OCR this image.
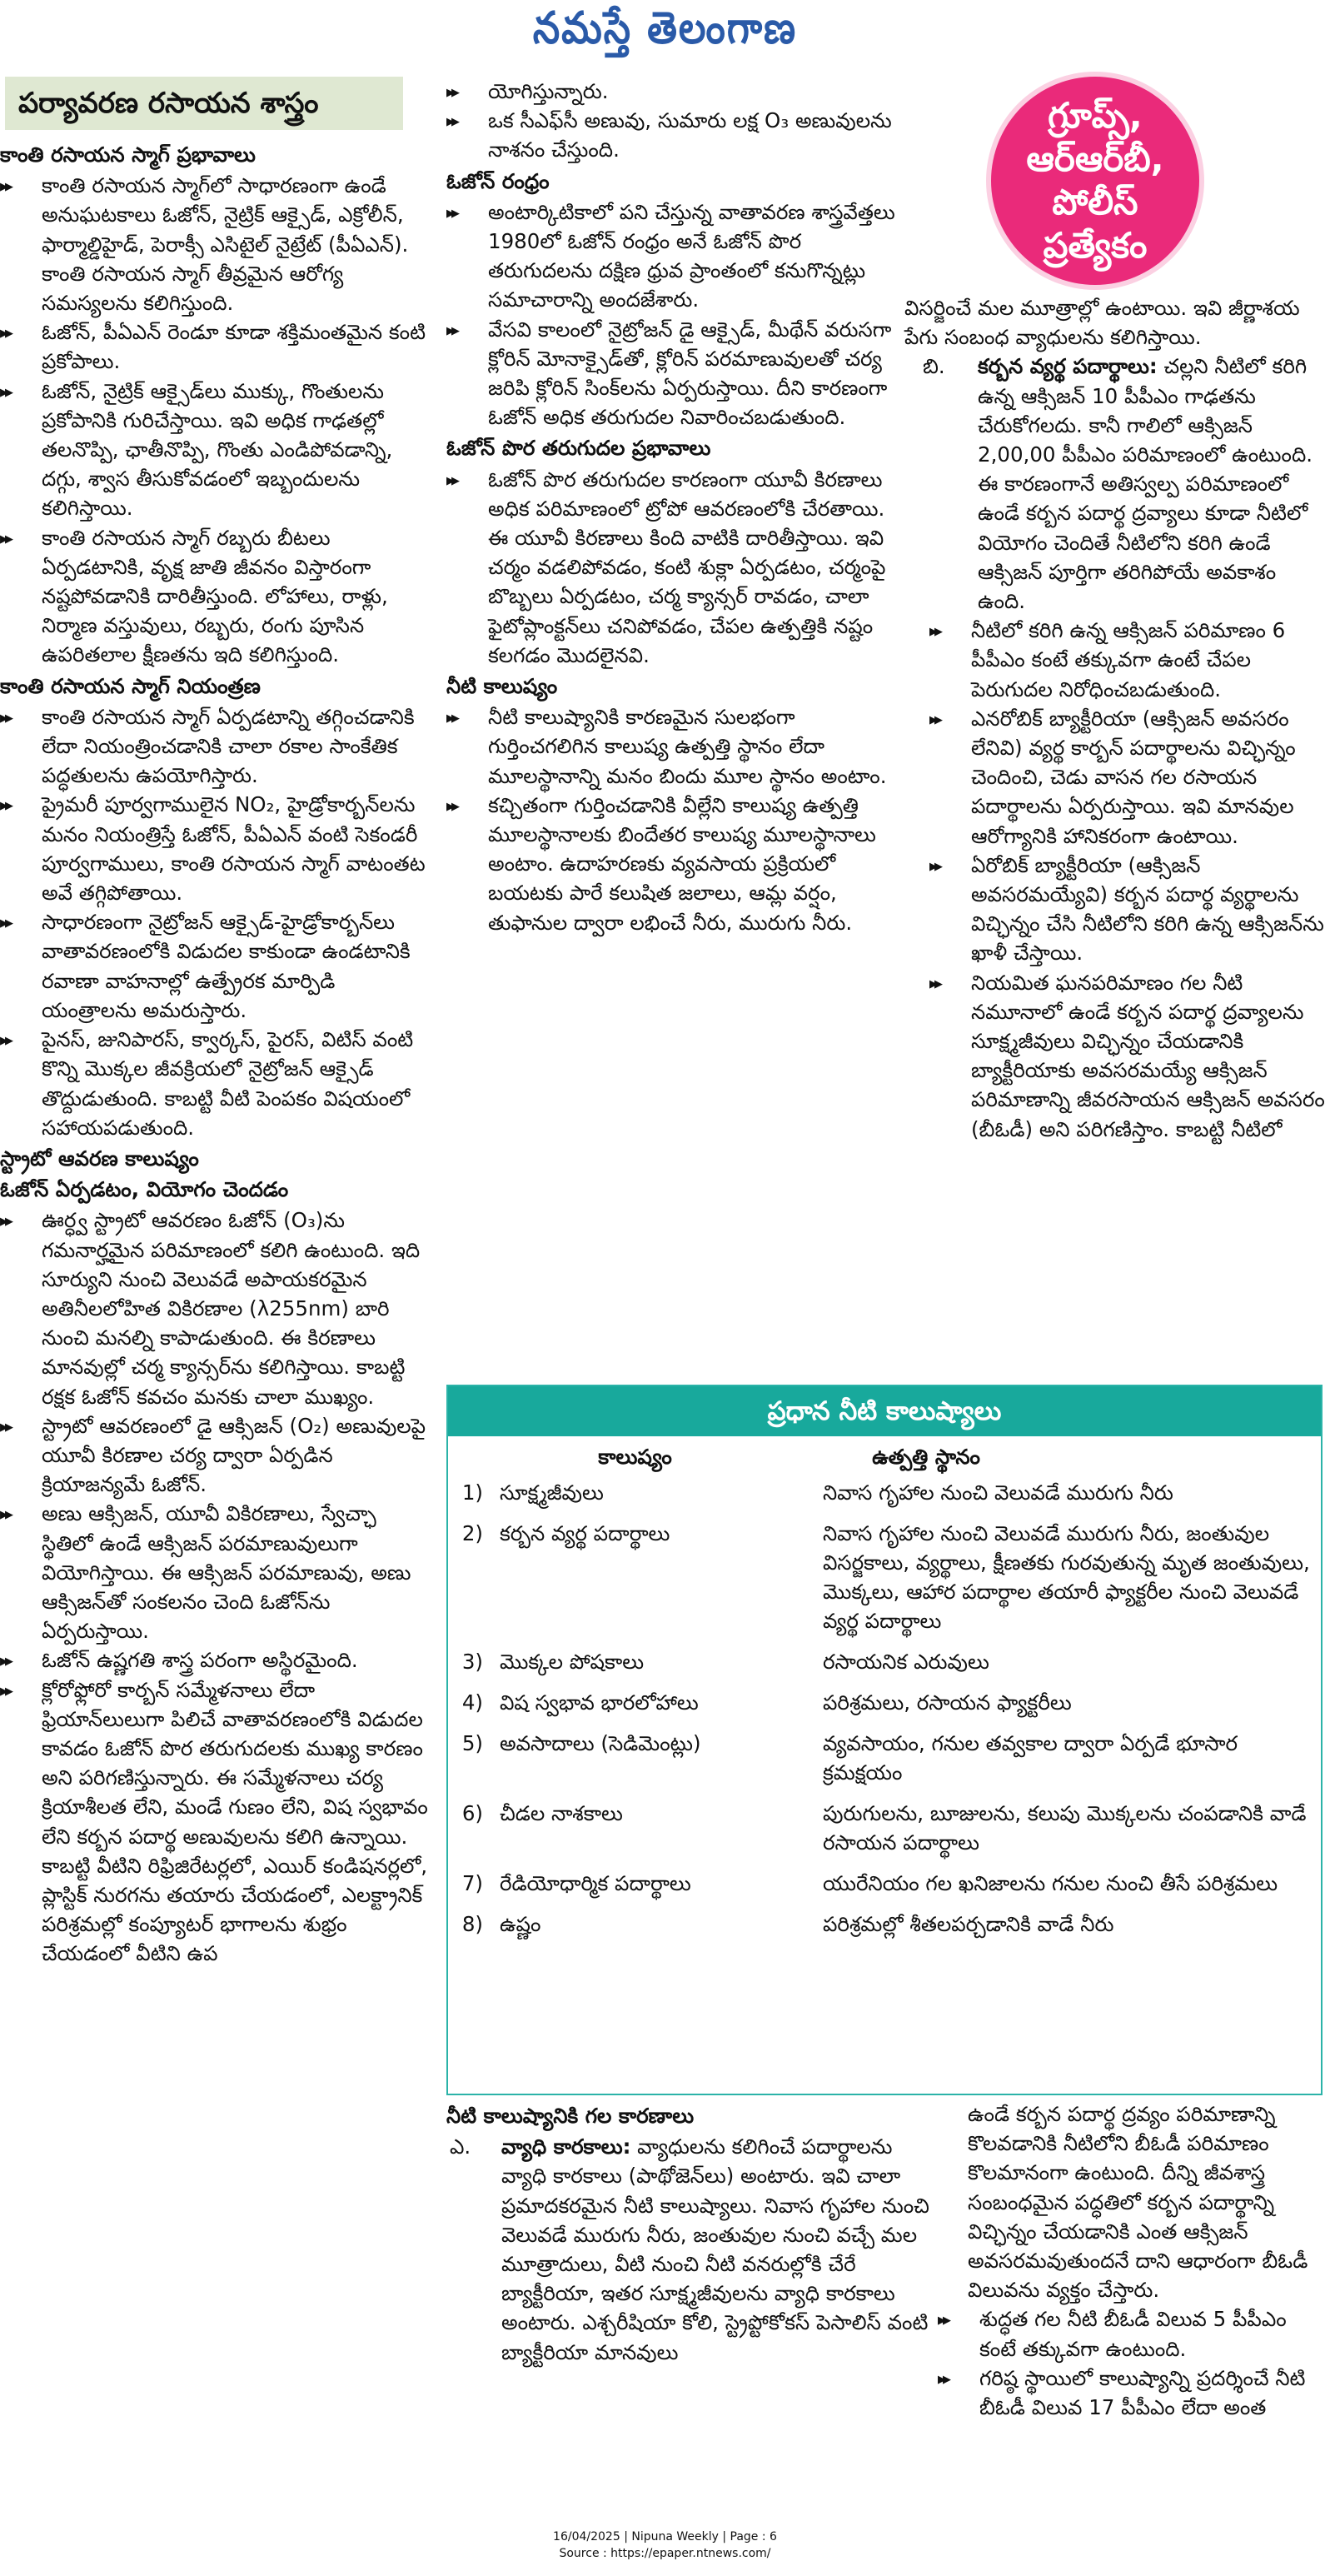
నమస్తే తెలంగాణ
గ్రూప్స్, ఆర్ఆర్‌బీ, పోలీస్ ప్రత్యేకం
పర్యావరణ రసాయన శాస్త్రం

కాంతి రసాయన స్మాగ్ ప్రభావాలు

▶▶ కాంతి రసాయన స్మాగ్‌లో సాధారణంగా ఉండే అనుఘటకాలు ఓజోన్, నైట్రిక్ ఆక్సైడ్, ఎక్రోలీన్, ఫార్మాల్డిహైడ్, పెరాక్సీ ఎసిటైల్ నైట్రేట్ (పీఏఎన్). కాంతి రసాయన స్మాగ్ తీవ్రమైన ఆరోగ్య సమస్యలను కలిగిస్తుంది.

▶▶ ఓజోన్, పీఏఎన్ రెండూ కూడా శక్తిమంతమైన కంటి ప్రకోపాలు.

▶▶ ఓజోన్, నైట్రిక్ ఆక్సైడ్‌లు ముక్కు, గొంతులను ప్రకోపానికి గురిచేస్తాయి. ఇవి అధిక గాఢతల్లో తలనొప్పి, ఛాతీనొప్పి, గొంతు ఎండిపోవడాన్ని, దగ్గు, శ్వాస తీసుకోవడంలో ఇబ్బందులను కలిగిస్తాయి.

▶▶ కాంతి రసాయన స్మాగ్ రబ్బరు బీటలు ఏర్పడటానికి, వృక్ష జాతి జీవనం విస్తారంగా నష్టపోవడానికి దారితీస్తుంది. లోహాలు, రాళ్లు, నిర్మాణ వస్తువులు, రబ్బరు, రంగు పూసిన ఉపరితలాల క్షీణతను ఇది కలిగిస్తుంది.

కాంతి రసాయన స్మాగ్ నియంత్రణ

▶▶ కాంతి రసాయన స్మాగ్ ఏర్పడటాన్ని తగ్గించడానికి లేదా నియంత్రించడానికి చాలా రకాల సాంకేతిక పద్ధతులను ఉపయోగిస్తారు.

▶▶ ప్రైమరీ పూర్వగాములైన NO₂, హైడ్రోకార్బన్‌లను మనం నియంత్రిస్తే ఓజోన్, పీఏఎన్ వంటి సెకండరీ పూర్వగాములు, కాంతి రసాయన స్మాగ్ వాటంతట అవే తగ్గిపోతాయి.

▶▶ సాధారణంగా నైట్రోజన్ ఆక్సైడ్-హైడ్రోకార్బన్‌లు వాతావరణంలోకి విడుదల కాకుండా ఉండటానికి రవాణా వాహనాల్లో ఉత్ప్రేరక మార్పిడి యంత్రాలను అమరుస్తారు.

▶▶ పైనస్, జునిపారస్, క్వార్కస్, పైరస్, విటిస్ వంటి కొన్ని మొక్కల జీవక్రియలో నైట్రోజన్ ఆక్సైడ్ తొద్దుడుతుంది. కాబట్టి వీటి పెంపకం విషయంలో సహాయపడుతుంది.

స్ట్రాటో ఆవరణ కాలుష్యం

ఓజోన్ ఏర్పడటం, వియోగం చెందడం

▶▶ ఊర్ధ్వ స్ట్రాటో ఆవరణం ఓజోన్ (O₃)ను గమనార్హమైన పరిమాణంలో కలిగి ఉంటుంది. ఇది సూర్యుని నుంచి వెలువడే అపాయకరమైన అతినీలలోహిత వికిరణాల (λ255nm) బారి నుంచి మనల్ని కాపాడుతుంది. ఈ కిరణాలు మానవుల్లో చర్మ క్యాన్సర్‌ను కలిగిస్తాయి. కాబట్టి రక్షక ఓజోన్ కవచం మనకు చాలా ముఖ్యం.

▶▶ స్ట్రాటో ఆవరణంలో డై ఆక్సిజన్ (O₂) అణువులపై యూవీ కిరణాల చర్య ద్వారా ఏర్పడిన క్రియాజన్యమే ఓజోన్.

▶▶ అణు ఆక్సిజన్, యూవీ వికిరణాలు, స్వేచ్ఛా స్థితిలో ఉండే ఆక్సిజన్ పరమాణువులుగా వియోగిస్తాయి. ఈ ఆక్సిజన్ పరమాణువు, అణు ఆక్సిజన్‌తో సంకలనం చెంది ఓజోన్‌ను ఏర్పరుస్తాయి.

▶▶ ఓజోన్ ఉష్ణగతి శాస్త్ర పరంగా అస్థిరమైంది.

▶▶ క్లోరోఫ్లోరో కార్బన్ సమ్మేళనాలు లేదా ఫ్రియాన్‌లులుగా పిలిచే వాతావరణంలోకి విడుదల కావడం ఓజోన్ పొర తరుగుదలకు ముఖ్య కారణం అని పరిగణిస్తున్నారు. ఈ సమ్మేళనాలు చర్య క్రియాశీలత లేని, మండే గుణం లేని, విష స్వభావం లేని కర్బన పదార్థ అణువులను కలిగి ఉన్నాయి. కాబట్టి వీటిని రిఫ్రిజిరేటర్లలో, ఎయిర్ కండిషనర్లలో, ప్లాస్టిక్ నురగను తయారు చేయడంలో, ఎలక్ట్రానిక్ పరిశ్రమల్లో కంప్యూటర్ భాగాలను శుభ్రం చేయడంలో వీటిని ఉప

▶▶ యోగిస్తున్నారు.

▶▶ ఒక సీఎఫ్‌సీ అణువు, సుమారు లక్ష O₃ అణువులను నాశనం చేస్తుంది.

ఓజోన్ రంధ్రం

▶▶ అంటార్కిటికాలో పని చేస్తున్న వాతావరణ శాస్త్రవేత్తలు 1980లో ఓజోన్ రంధ్రం అనే ఓజోన్ పొర తరుగుదలను దక్షిణ ధ్రువ ప్రాంతంలో కనుగొన్నట్లు సమాచారాన్ని అందజేశారు.

▶▶ వేసవి కాలంలో నైట్రోజన్ డై ఆక్సైడ్, మీథేన్ వరుసగా క్లోరిన్ మోనాక్సైడ్‌తో, క్లోరిన్ పరమాణువులతో చర్య జరిపి క్లోరిన్ సింక్‌లను ఏర్పరుస్తాయి. దీని కారణంగా ఓజోన్ అధిక తరుగుదల నివారించబడుతుంది.

ఓజోన్ పొర తరుగుదల ప్రభావాలు

▶▶ ఓజోన్ పొర తరుగుదల కారణంగా యూవీ కిరణాలు అధిక పరిమాణంలో ట్రోపో ఆవరణంలోకి చేరతాయి. ఈ యూవీ కిరణాలు కింది వాటికి దారితీస్తాయి. ఇవి చర్మం వడలిపోవడం, కంటి శుక్లా ఏర్పడటం, చర్మంపై బొబ్బలు ఏర్పడటం, చర్మ క్యాన్సర్ రావడం, చాలా ఫైటోప్లాంక్టన్‌లు చనిపోవడం, చేపల ఉత్పత్తికి నష్టం కలగడం మొదలైనవి.

నీటి కాలుష్యం

▶▶ నీటి కాలుష్యానికి కారణమైన సులభంగా గుర్తించగలిగిన కాలుష్య ఉత్పత్తి స్థానం లేదా మూలస్థానాన్ని మనం బిందు మూల స్థానం అంటాం.

▶▶ కచ్చితంగా గుర్తించడానికి వీల్లేని కాలుష్య ఉత్పత్తి మూలస్థానాలకు బిందేతర కాలుష్య మూలస్థానాలు అంటాం. ఉదాహరణకు వ్యవసాయ ప్రక్రియలో బయటకు పారే కలుషిత జలాలు, ఆమ్ల వర్షం, తుఫానుల ద్వారా లభించే నీరు, మురుగు నీరు.

విసర్జించే మల మూత్రాల్లో ఉంటాయి. ఇవి జీర్ణాశయ పేగు సంబంధ వ్యాధులను కలిగిస్తాయి.

బి. కర్బన వ్యర్థ పదార్థాలు: చల్లని నీటిలో కరిగి ఉన్న ఆక్సిజన్ 10 పీపీఎం గాఢతను చేరుకోగలదు. కానీ గాలిలో ఆక్సిజన్ 2,00,00 పీపీఎం పరిమాణంలో ఉంటుంది. ఈ కారణంగానే అతిస్వల్ప పరిమాణంలో ఉండే కర్బన పదార్థ ద్రవ్యాలు కూడా నీటిలో వియోగం చెందితే నీటిలోని కరిగి ఉండే ఆక్సిజన్ పూర్తిగా తరిగిపోయే అవకాశం ఉంది.

▶▶ నీటిలో కరిగి ఉన్న ఆక్సిజన్ పరిమాణం 6 పీపీఎం కంటే తక్కువగా ఉంటే చేపల పెరుగుదల నిరోధించబడుతుంది.

▶▶ ఎనరోబిక్ బ్యాక్టీరియా (ఆక్సిజన్ అవసరం లేనివి) వ్యర్థ కార్బన్ పదార్థాలను విచ్ఛిన్నం చెందించి, చెడు వాసన గల రసాయన పదార్థాలను ఏర్పరుస్తాయి. ఇవి మానవుల ఆరోగ్యానికి హానికరంగా ఉంటాయి.

▶▶ ఏరోబిక్ బ్యాక్టీరియా (ఆక్సిజన్ అవసరమయ్యేవి) కర్బన పదార్థ వ్యర్థాలను విచ్ఛిన్నం చేసి నీటిలోని కరిగి ఉన్న ఆక్సిజన్‌ను ఖాళీ చేస్తాయి.

▶▶ నియమిత ఘనపరిమాణం గల నీటి నమూనాలో ఉండే కర్బన పదార్థ ద్రవ్యాలను సూక్ష్మజీవులు విచ్ఛిన్నం చేయడానికి బ్యాక్టీరియాకు అవసరమయ్యే ఆక్సిజన్ పరిమాణాన్ని జీవరసాయన ఆక్సిజన్ అవసరం (బీఓడీ) అని పరిగణిస్తాం. కాబట్టి నీటిలో

ప్రధాన నీటి కాలుష్యాలు
కాలుష్యం	ఉత్పత్తి స్థానం
1) సూక్ష్మజీవులు	నివాస గృహాల నుంచి వెలువడే మురుగు నీరు
2) కర్బన వ్యర్థ పదార్థాలు	నివాస గృహాల నుంచి వెలువడే మురుగు నీరు, జంతువుల విసర్జకాలు, వ్యర్థాలు, క్షీణతకు గురవుతున్న మృత జంతువులు, మొక్కలు, ఆహార పదార్థాల తయారీ ఫ్యాక్టరీల నుంచి వెలువడే వ్యర్థ పదార్థాలు
3) మొక్కల పోషకాలు	రసాయనిక ఎరువులు
4) విష స్వభావ భారలోహాలు	పరిశ్రమలు, రసాయన ఫ్యాక్టరీలు
5) అవసాదాలు (సెడిమెంట్లు)	వ్యవసాయం, గనుల తవ్వకాల ద్వారా ఏర్పడే భూసార క్రమక్షయం
6) చీడల నాశకాలు	పురుగులను, బూజులను, కలుపు మొక్కలను చంపడానికి వాడే రసాయన పదార్థాలు
7) రేడియోధార్మిక పదార్థాలు	యురేనియం గల ఖనిజాలను గనుల నుంచి తీసే పరిశ్రమలు
8) ఉష్ణం	పరిశ్రమల్లో శీతలపర్చడానికి వాడే నీరు

నీటి కాలుష్యానికి గల కారణాలు

ఎ. వ్యాధి కారకాలు: వ్యాధులను కలిగించే పదార్థాలను వ్యాధి కారకాలు (పాథోజెన్‌లు) అంటారు. ఇవి చాలా ప్రమాదకరమైన నీటి కాలుష్యాలు. నివాస గృహాల నుంచి వెలువడే మురుగు నీరు, జంతువుల నుంచి వచ్చే మల మూత్రాదులు, వీటి నుంచి నీటి వనరుల్లోకి చేరే బ్యాక్టీరియా, ఇతర సూక్ష్మజీవులను వ్యాధి కారకాలు అంటారు. ఎశ్చరీషియా కోలి, స్ట్రెప్టోకోకస్ పెసాలిస్ వంటి బ్యాక్టీరియా మానవులు

ఉండే కర్బన పదార్థ ద్రవ్యం పరిమాణాన్ని కొలవడానికి నీటిలోని బీఓడీ పరిమాణం కొలమానంగా ఉంటుంది. దీన్ని జీవశాస్త్ర సంబంధమైన పద్ధతిలో కర్బన పదార్థాన్ని విచ్ఛిన్నం చేయడానికి ఎంత ఆక్సిజన్ అవసరమవుతుందనే దాని ఆధారంగా బీఓడీ విలువను వ్యక్తం చేస్తారు.

▶▶ శుద్ధత గల నీటి బీఓడీ విలువ 5 పీపీఎం కంటే తక్కువగా ఉంటుంది.

▶▶ గరిష్ఠ స్థాయిలో కాలుష్యాన్ని ప్రదర్శించే నీటి బీఓడీ విలువ 17 పీపీఎం లేదా అంత

16/04/2025 | Nipuna Weekly | Page : 6
Source : https://epaper.ntnews.com/
